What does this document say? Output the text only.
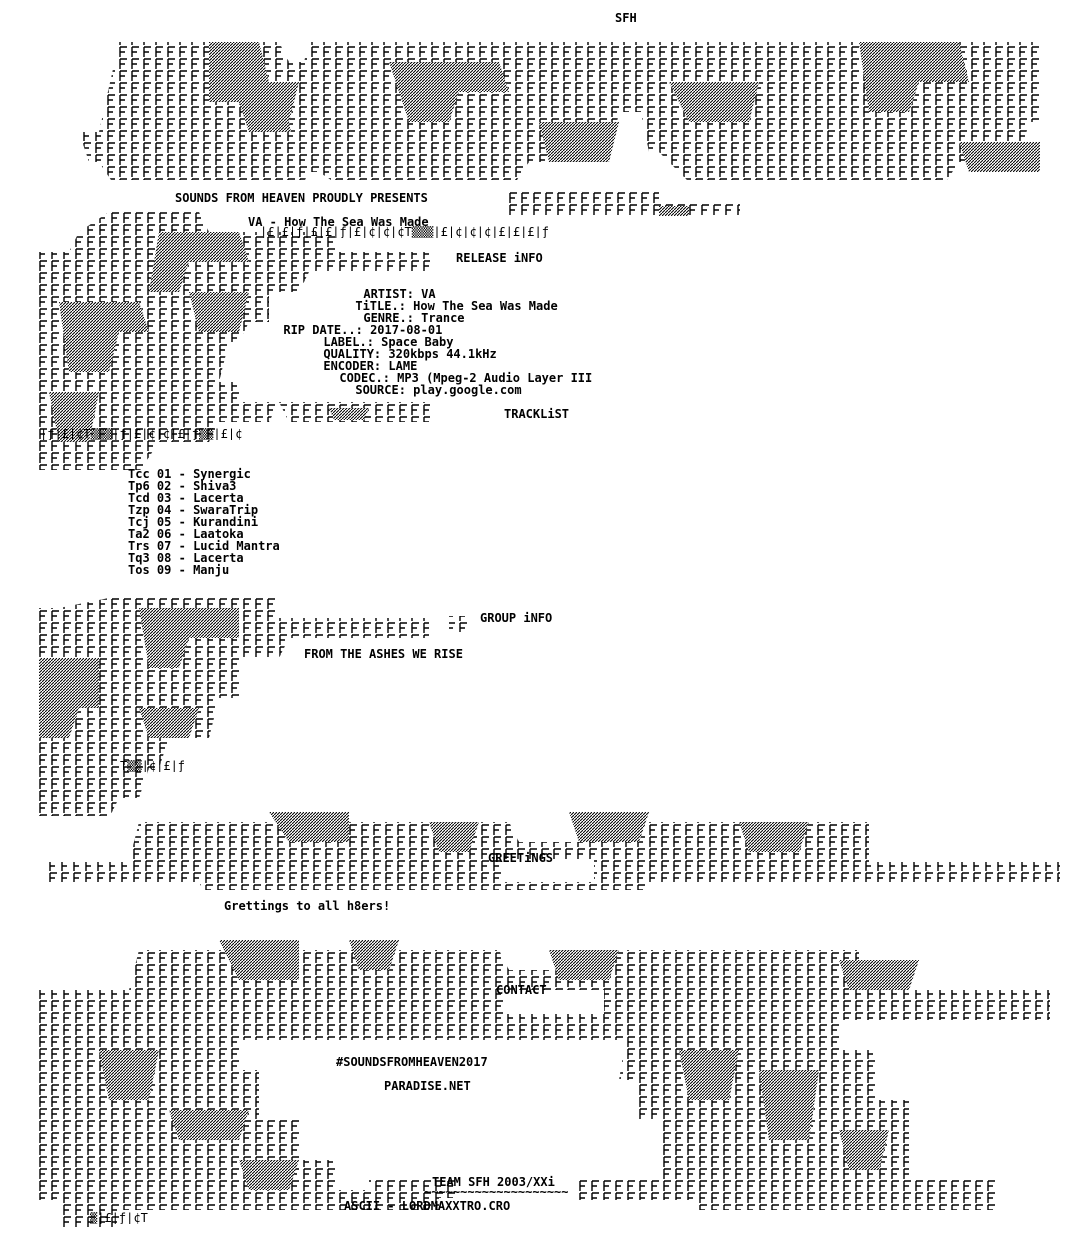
SFH
SOUNDS FROM HEAVEN PROUDLY PRESENTS

VA - How The Sea Was Made

RELEASE iNFO

ARTIST: VA

TiTLE.: How The Sea Was Made

GENRE.: Trance

RIP DATE..: 2017-08-01

LABEL.: Space Baby

QUALITY: 320kbps 44.1kHz

ENCODER: LAME

CODEC.: MP3 (Mpeg-2 Audio Layer III

SOURCE: play.google.com

TRACKLiST
Tcc 01 - Synergic
Tp6 02 - Shiva3
Tcd 03 - Lacerta
Tzp 04 - SwaraTrip
Tcj 05 - Kurandini
Ta2 06 - Laatoka
Trs 07 - Lucid Mantra
Tq3 08 - Lacerta
Tos 09 - Manju

GROUP iNFO
FROM THE ASHES WE RISE

GREETiNGS
Grettings to all h8ers!

CONTACT
#SOUNDSFROMHEAVEN2017
PARADISE.NET
TEAM SFH 2003/XXi
~~~~~~~~~~~~~~~~~~~~
ASCII - LORDMAXXTRO.CRO
|£|£|ƒ|£|£|ƒ|£|¢|¢|¢T▒▒▒|£|¢|¢|¢|£|£|£|ƒ
|ƒ|£|¢T▒▒▒|ƒ|£|¢|¢|£|ƒ▒▒|£|¢
T▒▒|¢|£|ƒ
▒|£|ƒ|¢T
